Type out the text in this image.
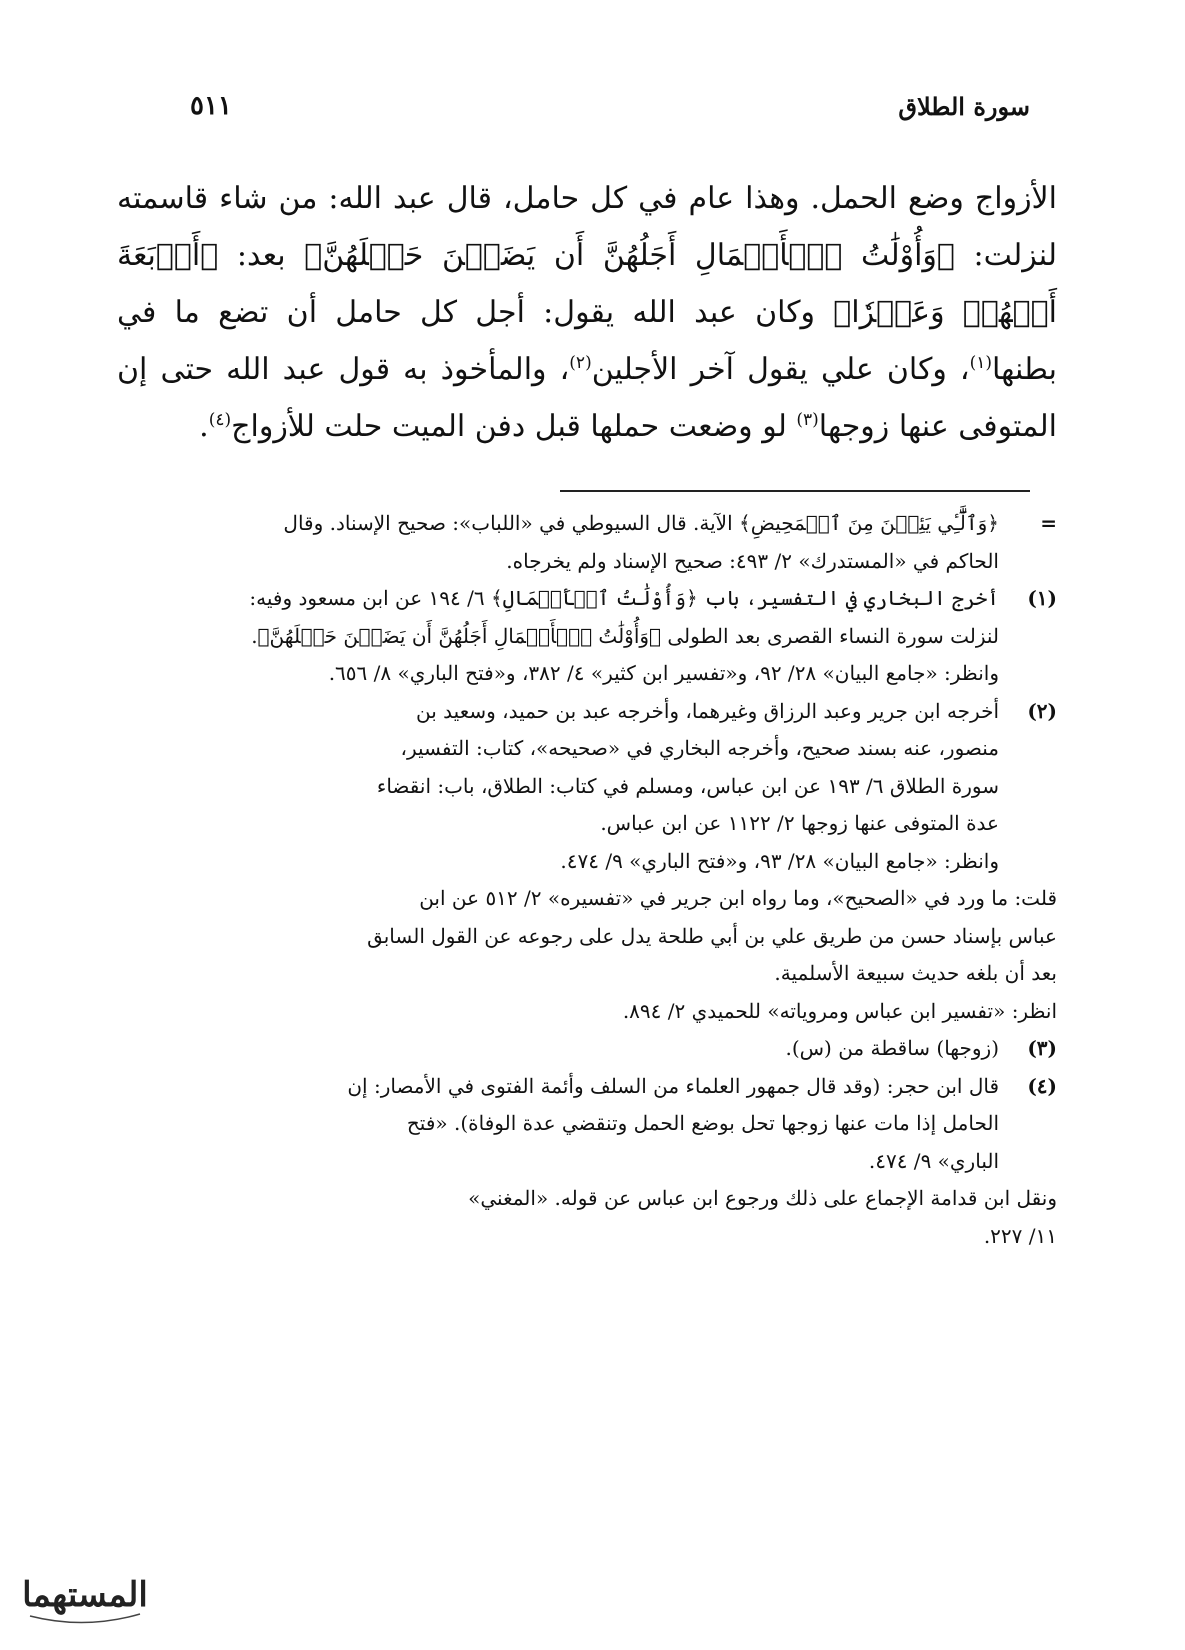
سورة الطلاق
٥١١

الأزواج وضع الحمل. وهذا عام في كل حامل، قال عبد الله: من شاء قاسمته لنزلت: ﴿وَأُوْلَٰتُ ٱلۡأَحۡمَالِ أَجَلُهُنَّ أَن يَضَعۡنَ حَمۡلَهُنَّ﴾ بعد: ﴿أَرۡبَعَةَ أَشۡهُرٖ وَعَشۡرٗا﴾ وكان عبد الله يقول: أجل كل حامل أن تضع ما في بطنها$^{(١)}$، وكان علي يقول آخر الأجلين$^{(٢)}$، والمأخوذ به قول عبد الله حتى إن المتوفى عنها زوجها$^{(٣)}$ لو وضعت حملها قبل دفن الميت حلت للأزواج$^{(٤)}$.

=
﴿وَٱلَّٰٓـِٔي يَئِسۡنَ مِنَ ٱلۡمَحِيضِ﴾ الآية. قال السيوطي في «اللباب»: صحيح الإسناد. وقال
الحاكم في «المستدرك» ٢/ ٤٩٣: صحيح الإسناد ولم يخرجاه.
(١)
أخرج البخاري في التفسير، باب ﴿وَأُوْلَٰتُ ٱلۡأَحۡمَالِ﴾ ٦/ ١٩٤ عن ابن مسعود وفيه:
لنزلت سورة النساء القصرى بعد الطولى ﴿وَأُوْلَٰتُ ٱلۡأَحۡمَالِ أَجَلُهُنَّ أَن يَضَعۡنَ حَمۡلَهُنَّ﴾.
وانظر: «جامع البيان» ٢٨/ ٩٢، و«تفسير ابن كثير» ٤/ ٣٨٢، و«فتح الباري» ٨/ ٦٥٦.
(٢)
أخرجه ابن جرير وعبد الرزاق وغيرهما، وأخرجه عبد بن حميد، وسعيد بن
منصور، عنه بسند صحيح، وأخرجه البخاري في «صحيحه»، كتاب: التفسير،
سورة الطلاق ٦/ ١٩٣ عن ابن عباس، ومسلم في كتاب: الطلاق، باب: انقضاء
عدة المتوفى عنها زوجها ٢/ ١١٢٢ عن ابن عباس.
وانظر: «جامع البيان» ٢٨/ ٩٣، و«فتح الباري» ٩/ ٤٧٤.
قلت: ما ورد في «الصحيح»، وما رواه ابن جرير في «تفسيره» ٢/ ٥١٢ عن ابن
عباس بإسناد حسن من طريق علي بن أبي طلحة يدل على رجوعه عن القول السابق
بعد أن بلغه حديث سبيعة الأسلمية.
انظر: «تفسير ابن عباس ومروياته» للحميدي ٢/ ٨٩٤.
(٣)
(زوجها) ساقطة من (س).
(٤)
قال ابن حجر: (وقد قال جمهور العلماء من السلف وأئمة الفتوى في الأمصار: إن
الحامل إذا مات عنها زوجها تحل بوضع الحمل وتنقضي عدة الوفاة). «فتح
الباري» ٩/ ٤٧٤.
ونقل ابن قدامة الإجماع على ذلك ورجوع ابن عباس عن قوله. «المغني»
١١/ ٢٢٧.
المستهما
